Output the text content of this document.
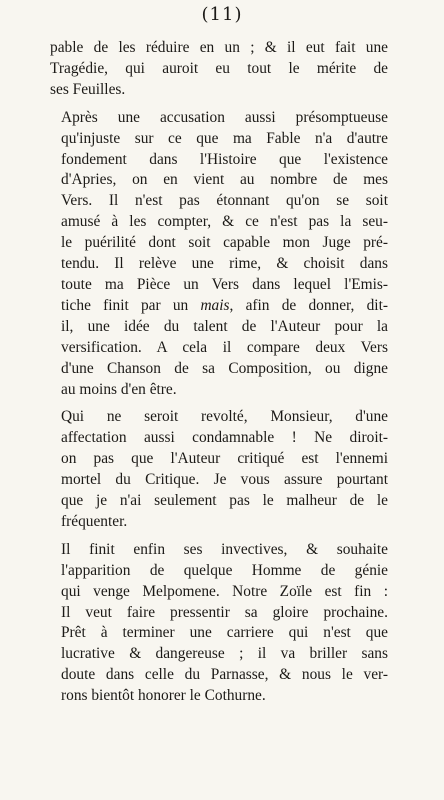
(11)
pable de les réduire en un ; & il eut fait une
Tragédie, qui auroit eu tout le mérite de
ses Feuilles.
Après une accusation aussi présomptueuse
qu'injuste sur ce que ma Fable n'a d'autre
fondement dans l'Histoire que l'existence
d'Apries, on en vient au nombre de mes
Vers. Il n'est pas étonnant qu'on se soit
amusé à les compter, & ce n'est pas la seu-
le puérilité dont soit capable mon Juge pré-
tendu. Il relève une rime, & choisit dans
toute ma Pièce un Vers dans lequel l'Emis-
tiche finit par un mais, afin de donner, dit-
il, une idée du talent de l'Auteur pour la
versification. A cela il compare deux Vers
d'une Chanson de sa Composition, ou digne
au moins d'en être.
Qui ne seroit revolté, Monsieur, d'une
affectation aussi condamnable ! Ne diroit-
on pas que l'Auteur critiqué est l'ennemi
mortel du Critique. Je vous assure pourtant
que je n'ai seulement pas le malheur de le
fréquenter.
Il finit enfin ses invectives, & souhaite
l'apparition de quelque Homme de génie
qui venge Melpomene. Notre Zoïle est fin :
Il veut faire pressentir sa gloire prochaine.
Prêt à terminer une carriere qui n'est que
lucrative & dangereuse ; il va briller sans
doute dans celle du Parnasse, & nous le ver-
rons bientôt honorer le Cothurne.
